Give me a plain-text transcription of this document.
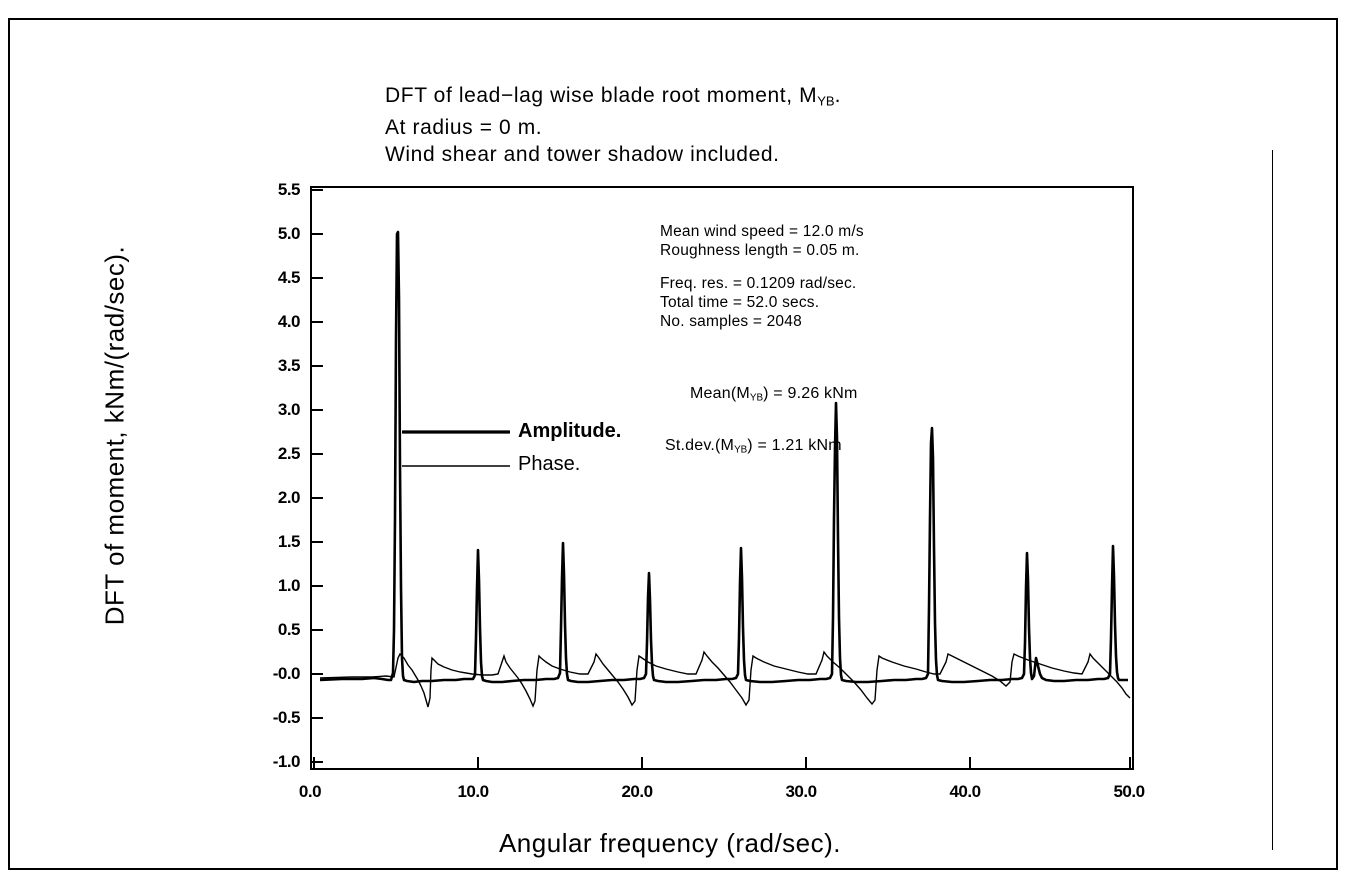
DFT of lead−lag wise blade root moment, $M_{YB}$.
At radius = 0 m.
Wind shear and tower shadow included.
DFT of moment, kNm/(rad/sec).
Angular frequency (rad/sec).
5.5
5.0
4.5
4.0
3.5
3.0
2.5
2.0
1.5
1.0
0.5
-0.0
-0.5
-1.0
0.0	10.0	20.0	30.0	40.0	50.0
Mean wind speed = 12.0 m/s
Roughness length = 0.05 m.
Freq. res. = 0.1209 rad/sec.
Total time = 52.0 secs.
No. samples = 2048
$Mean(M_{YB}) = 9.26$ kNm
$St.dev.(M_{YB}) = 1.21$ kNm
Amplitude.
Phase.
